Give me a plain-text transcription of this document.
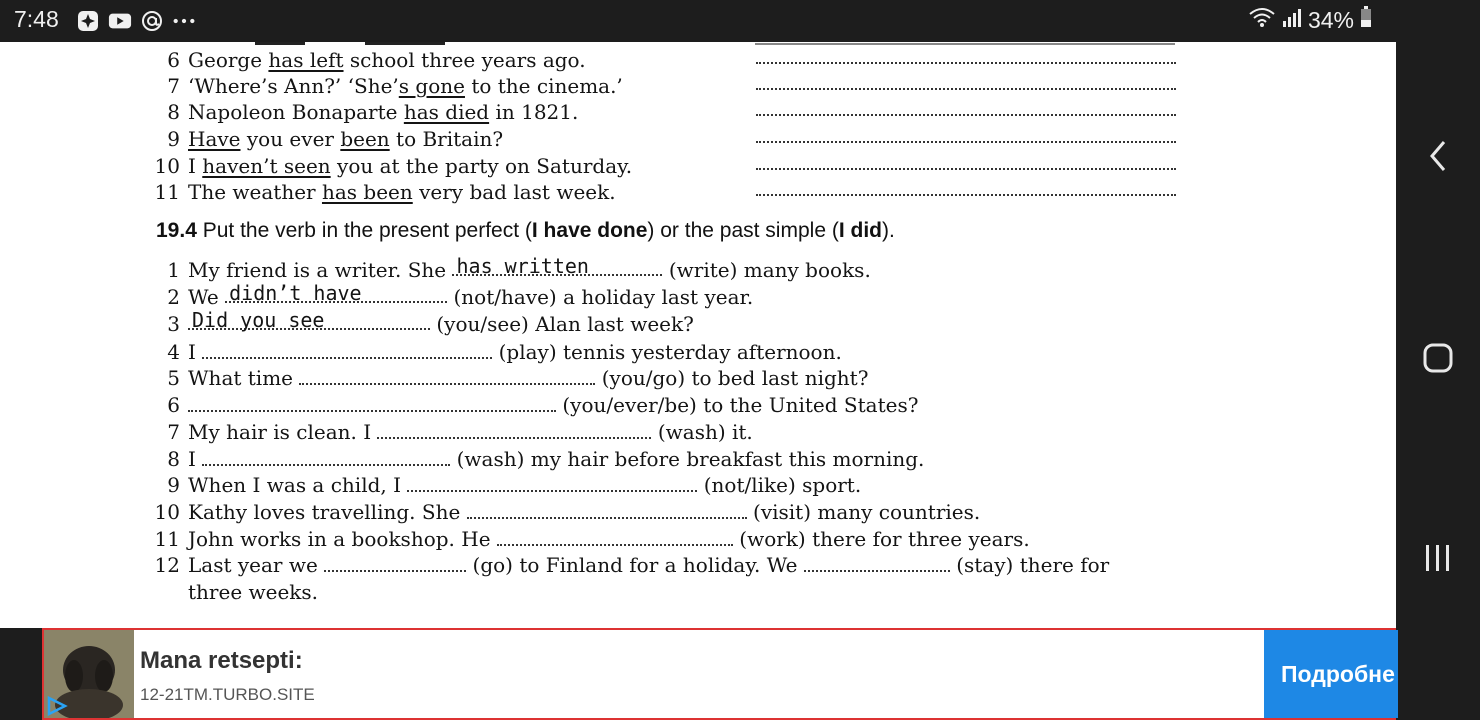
7:48	34%
6 George has left school three years ago.
7 ‘Where’s Ann?’ ‘She’s gone to the cinema.’
8 Napoleon Bonaparte has died in 1821.
9 Have you ever been to Britain?
10 I haven’t seen you at the party on Saturday.
11 The weather has been very bad last week.
19.4 Put the verb in the present perfect (I have done) or the past simple (I did).
1 My friend is a writer. She has written	(write) many books.
2 We didn’t have	(not/have) a holiday last year.
3 Did you see	(you/see) Alan last week?
4 I	(play) tennis yesterday afternoon.
5 What time	(you/go) to bed last night?
6	(you/ever/be) to the United States?
7 My hair is clean. I	(wash) it.
8 I	(wash) my hair before breakfast this morning.
9 When I was a child, I	(not/like) sport.
10 Kathy loves travelling. She	(visit) many countries.
11 John works in a bookshop. He	(work) there for three years.
12 Last year we	(go) to Finland for a holiday. We	(stay) there for
three weeks.
Mana retsepti:
12-21TM.TURBO.SITE
Подробне
